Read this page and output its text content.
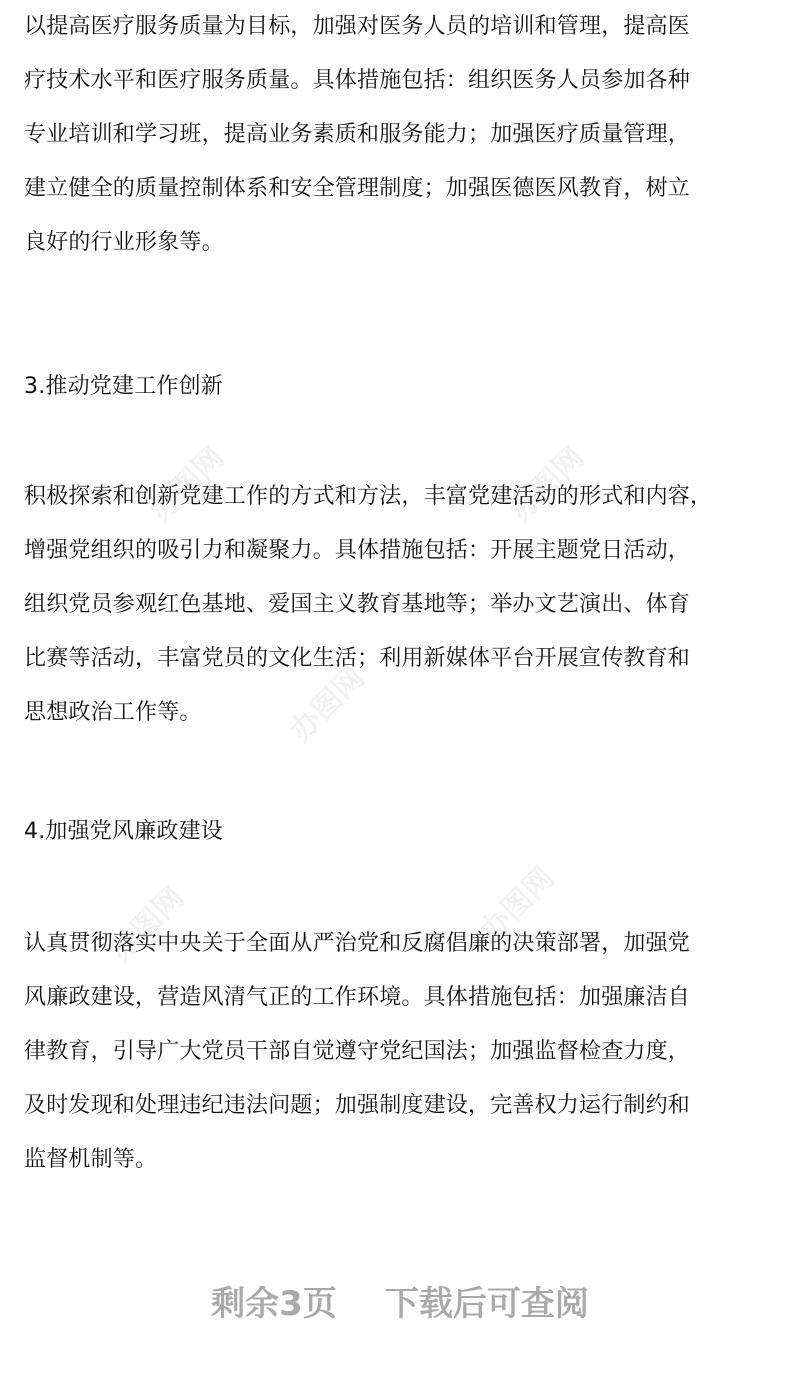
办图网	办图网
办图网
办图网	办图网

以提高医疗服务质量为目标，加强对医务人员的培训和管理，提高医
疗技术水平和医疗服务质量。具体措施包括：组织医务人员参加各种
专业培训和学习班，提高业务素质和服务能力；加强医疗质量管理，
建立健全的质量控制体系和安全管理制度；加强医德医风教育，树立
良好的行业形象等。

3.推动党建工作创新

积极探索和创新党建工作的方式和方法，丰富党建活动的形式和内容，
增强党组织的吸引力和凝聚力。具体措施包括：开展主题党日活动，
组织党员参观红色基地、爱国主义教育基地等；举办文艺演出、体育
比赛等活动，丰富党员的文化生活；利用新媒体平台开展宣传教育和
思想政治工作等。

4.加强党风廉政建设

认真贯彻落实中央关于全面从严治党和反腐倡廉的决策部署，加强党
风廉政建设，营造风清气正的工作环境。具体措施包括：加强廉洁自
律教育，引导广大党员干部自觉遵守党纪国法；加强监督检查力度，
及时发现和处理违纪违法问题；加强制度建设，完善权力运行制约和
监督机制等。

剩余3页 下载后可查阅
